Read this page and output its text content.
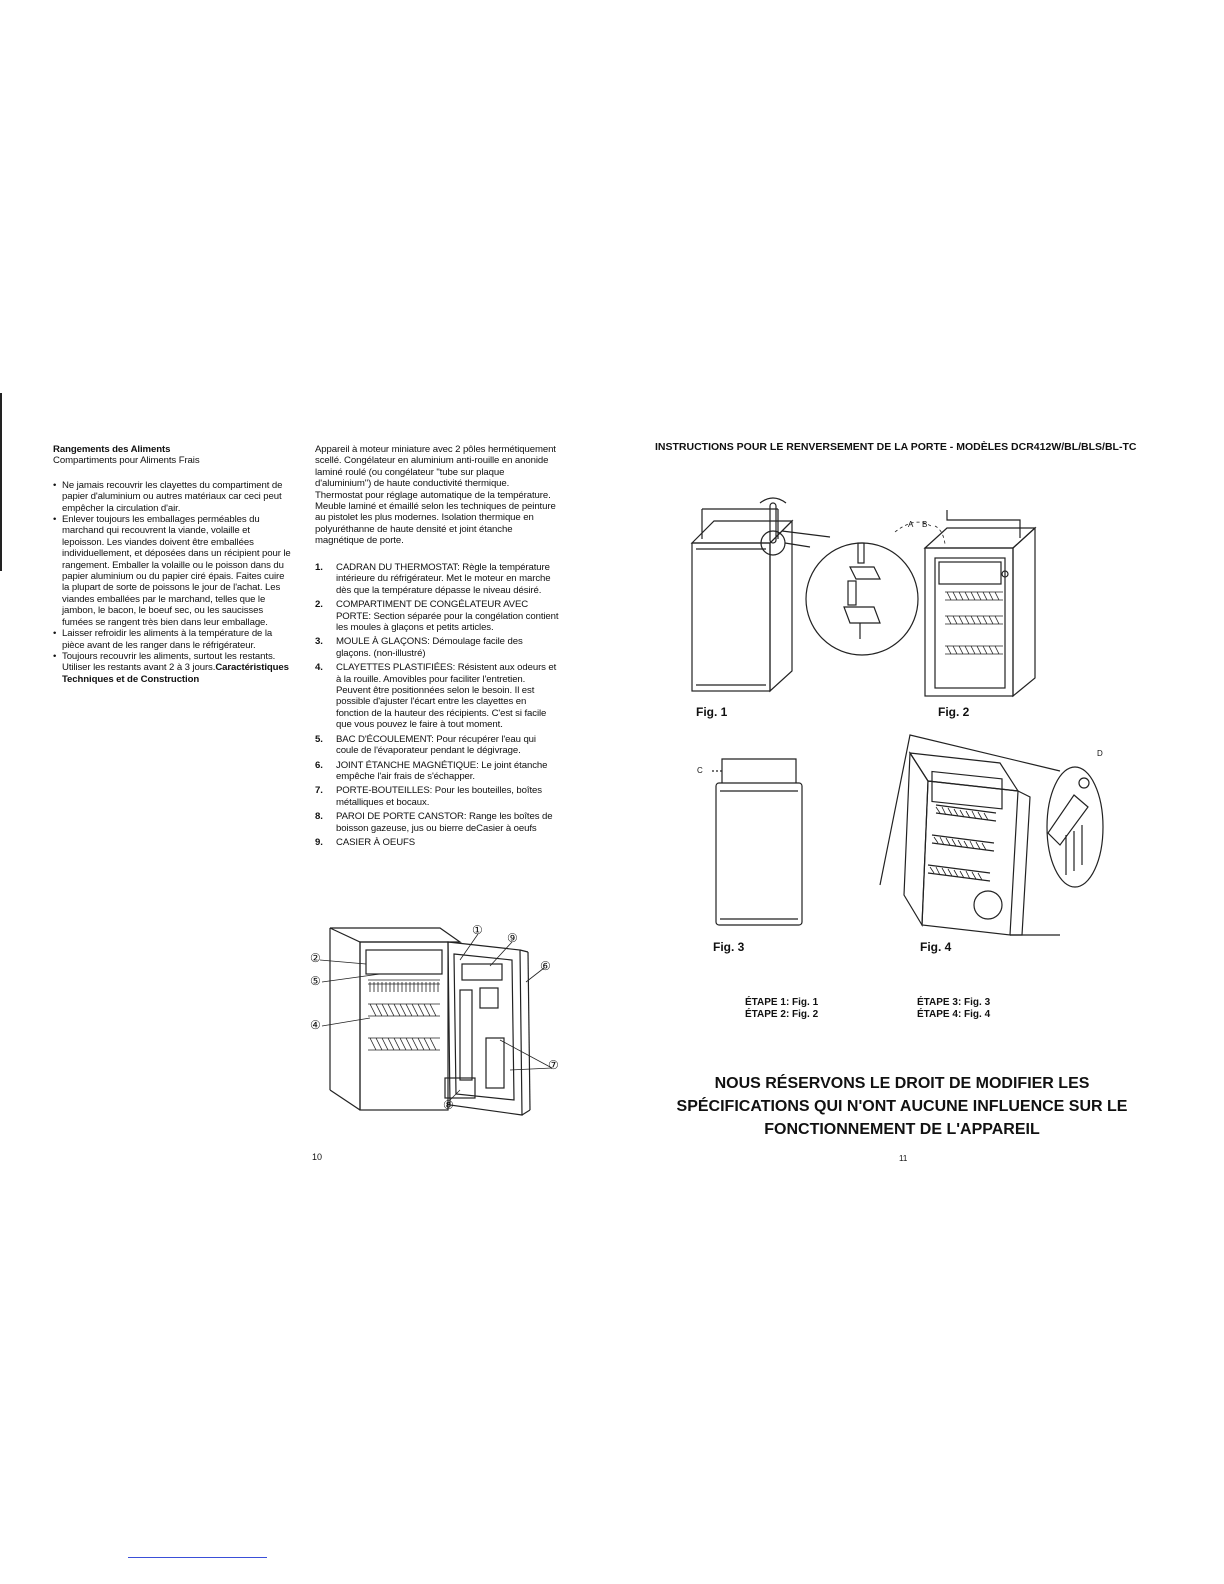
Rangements des Aliments
Compartiments pour Aliments Frais
• Ne jamais recouvrir les clayettes du compartiment de papier d'aluminium ou autres matériaux car ceci peut empêcher la circulation d'air.
• Enlever toujours les emballages perméables du marchand qui recouvrent la viande, volaille et lepoisson. Les viandes doivent être emballées individuellement, et déposées dans un récipient pour le rangement. Emballer la volaille ou le poisson dans du papier aluminium ou du papier ciré épais. Faites cuire la plupart de sorte de poissons le jour de l'achat. Les viandes emballées par le marchand, telles que le jambon, le bacon, le boeuf sec, ou les saucisses fumées se rangent très bien dans leur emballage.
• Laisser refroidir les aliments à la température de la pièce avant de les ranger dans le réfrigérateur.
• Toujours recouvrir les aliments, surtout les restants. Utiliser les restants avant 2 à 3 jours.Caractéristiques Techniques et de Construction
Appareil à moteur miniature avec 2 pôles hermétiquement scellé. Congélateur en aluminium anti-rouille en anonide laminé roulé (ou congélateur "tube sur plaque d'aluminium") de haute conductivité thermique. Thermostat pour réglage automatique de la température. Meuble laminé et émaillé selon les techniques de peinture au pistolet les plus modernes. Isolation thermique en polyuréthanne de haute densité et joint étanche magnétique de porte.
1.	CADRAN DU THERMOSTAT: Règle la température intérieure du réfrigérateur. Met le moteur en marche dès que la température dépasse le niveau désiré.
2.	COMPARTIMENT DE CONGÉLATEUR AVEC PORTE: Section séparée pour la congélation contient les moules à glaçons et petits articles.
3.	MOULE À GLAÇONS: Démoulage facile des glaçons. (non-illustré)
4.	CLAYETTES PLASTIFIÉES: Résistent aux odeurs et à la rouille. Amovibles pour faciliter l'entretien. Peuvent être positionnées selon le besoin. Il est possible d'ajuster l'écart entre les clayettes en fonction de la hauteur des récipients. C'est si facile que vous pouvez le faire à tout moment.
5.	BAC D'ÉCOULEMENT: Pour récupérer l'eau qui coule de l'évaporateur pendant le dégivrage.
6.	JOINT ÉTANCHE MAGNÉTIQUE: Le joint étanche empêche l'air frais de s'échapper.
7.	PORTE-BOUTEILLES: Pour les bouteilles, boîtes métalliques et bocaux.
8.	PAROI DE PORTE CANSTOR: Range les boîtes de boisson gazeuse, jus ou bierre deCasier à oeufs
9.	CASIER À OEUFS
①
②
④
⑤
⑥
⑦
⑧
⑨
10
INSTRUCTIONS POUR LE RENVERSEMENT DE LA PORTE - MODÈLES DCR412W/BL/BLS/BL-TC
Fig. 1
A B
Fig. 2
C
Fig. 3
D
Fig. 4
ÉTAPE 1: Fig. 1
ÉTAPE 2: Fig. 2
ÉTAPE 3: Fig. 3
ÉTAPE 4: Fig. 4
NOUS RÉSERVONS LE DROIT DE MODIFIER LES
SPÉCIFICATIONS QUI N'ONT AUCUNE INFLUENCE SUR LE
FONCTIONNEMENT DE L'APPAREIL
11
